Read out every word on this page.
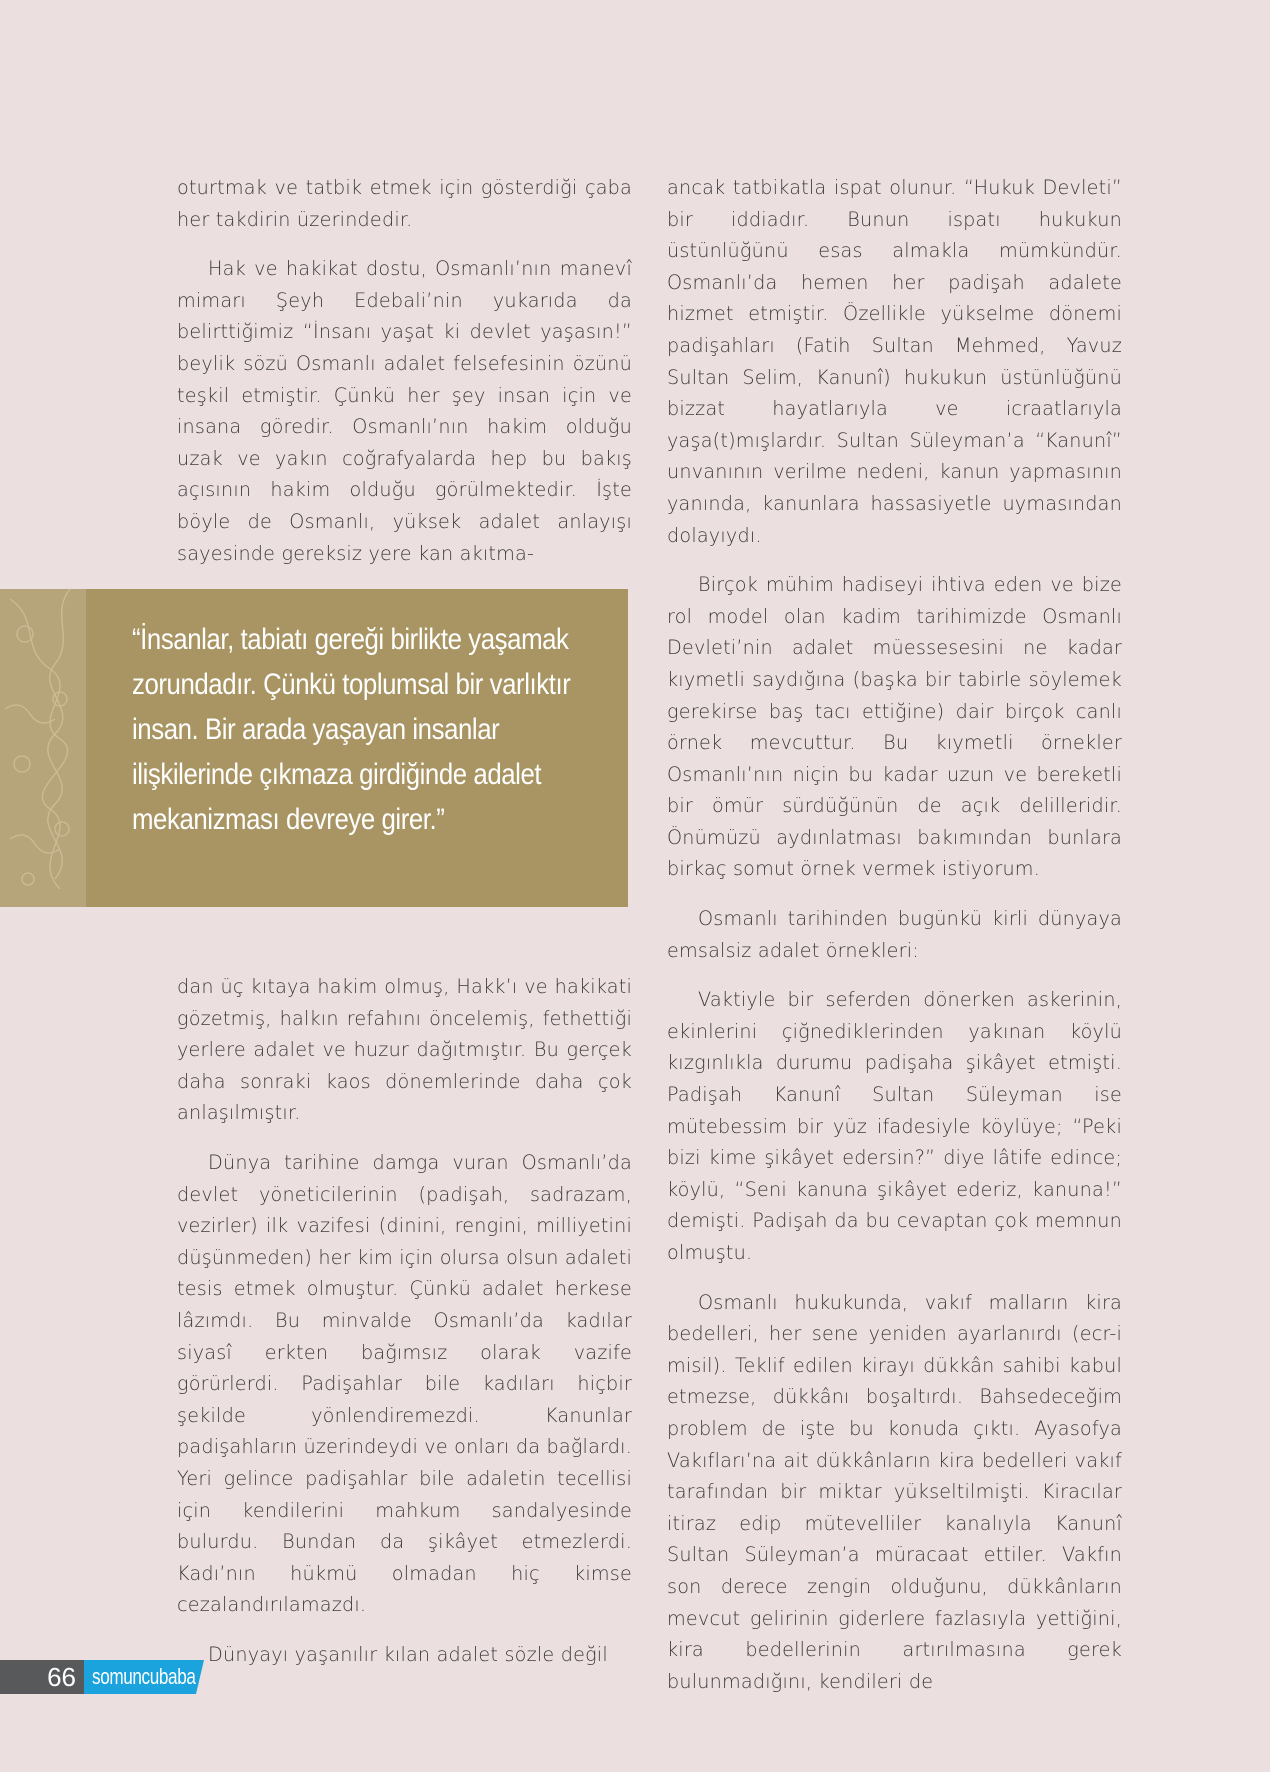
oturtmak ve tatbik etmek için gösterdiği çaba her takdirin üzerindedir.

Hak ve hakikat dostu, Osmanlı’nın manevî mimarı Şeyh Edebali’nin yukarıda da belirttiğimiz “İnsanı yaşat ki devlet yaşasın!” beylik sözü Osmanlı adalet felsefesinin özünü teşkil etmiştir. Çünkü her şey insan için ve insana göredir. Osmanlı’nın hakim olduğu uzak ve yakın coğrafyalarda hep bu bakış açısının hakim olduğu görülmektedir. İşte böyle de Osmanlı, yüksek adalet anlayışı sayesinde gereksiz yere kan akıtma-

“İnsanlar, tabiatı gereği birlikte yaşamak zorundadır. Çünkü toplumsal bir varlıktır insan. Bir arada yaşayan insanlar ilişkilerinde çıkmaza girdiğinde adalet mekanizması devreye girer.”

dan üç kıtaya hakim olmuş, Hakk’ı ve hakikati gözetmiş, halkın refahını öncelemiş, fethettiği yerlere adalet ve huzur dağıtmıştır. Bu gerçek daha sonraki kaos dönemlerinde daha çok anlaşılmıştır.

Dünya tarihine damga vuran Osmanlı’da devlet yöneticilerinin (padişah, sadrazam, vezirler) ilk vazifesi (dinini, rengini, milliyetini düşünmeden) her kim için olursa olsun adaleti tesis etmek olmuştur. Çünkü adalet herkese lâzımdı. Bu minvalde Osmanlı’da kadılar siyasî erkten bağımsız olarak vazife görürlerdi. Padişahlar bile kadıları hiçbir şekilde yönlendiremezdi. Kanunlar padişahların üzerindeydi ve onları da bağlardı. Yeri gelince padişahlar bile adaletin tecellisi için kendilerini mahkum sandalyesinde bulurdu. Bundan da şikâyet etmezlerdi. Kadı’nın hükmü olmadan hiç kimse cezalandırılamazdı.

Dünyayı yaşanılır kılan adalet sözle değil

ancak tatbikatla ispat olunur. “Hukuk Devleti” bir iddiadır. Bunun ispatı hukukun üstünlüğünü esas almakla mümkündür. Osmanlı’da hemen her padişah adalete hizmet etmiştir. Özellikle yükselme dönemi padişahları (Fatih Sultan Mehmed, Yavuz Sultan Selim, Kanunî) hukukun üstünlüğünü bizzat hayatlarıyla ve icraatlarıyla yaşa(t)mışlardır. Sultan Süleyman’a “Kanunî” unvanının verilme nedeni, kanun yapmasının yanında, kanunlara hassasiyetle uymasından dolayıydı.

Birçok mühim hadiseyi ihtiva eden ve bize rol model olan kadim tarihimizde Osmanlı Devleti’nin adalet müessesesini ne kadar kıymetli saydığına (başka bir tabirle söylemek gerekirse baş tacı ettiğine) dair birçok canlı örnek mevcuttur. Bu kıymetli örnekler Osmanlı’nın niçin bu kadar uzun ve bereketli bir ömür sürdüğünün de açık delilleridir. Önümüzü aydınlatması bakımından bunlara birkaç somut örnek vermek istiyorum.

Osmanlı tarihinden bugünkü kirli dünyaya emsalsiz adalet örnekleri:

Vaktiyle bir seferden dönerken askerinin, ekinlerini çiğnediklerinden yakınan köylü kızgınlıkla durumu padişaha şikâyet etmişti. Padişah Kanunî Sultan Süleyman ise mütebessim bir yüz ifadesiyle köylüye; “Peki bizi kime şikâyet edersin?” diye lâtife edince; köylü, “Seni kanuna şikâyet ederiz, kanuna!” demişti. Padişah da bu cevaptan çok memnun olmuştu.

Osmanlı hukukunda, vakıf malların kira bedelleri, her sene yeniden ayarlanırdı (ecr-i misil). Teklif edilen kirayı dükkân sahibi kabul etmezse, dükkânı boşaltırdı. Bahsedeceğim problem de işte bu konuda çıktı. Ayasofya Vakıfları’na ait dükkânların kira bedelleri vakıf tarafından bir miktar yükseltilmişti. Kiracılar itiraz edip mütevelliler kanalıyla Kanunî Sultan Süleyman’a müracaat ettiler. Vakfın son derece zengin olduğunu, dükkânların mevcut gelirinin giderlere fazlasıyla yettiğini, kira bedellerinin artırılmasına gerek bulunmadığını, kendileri de

66 somuncubaba
